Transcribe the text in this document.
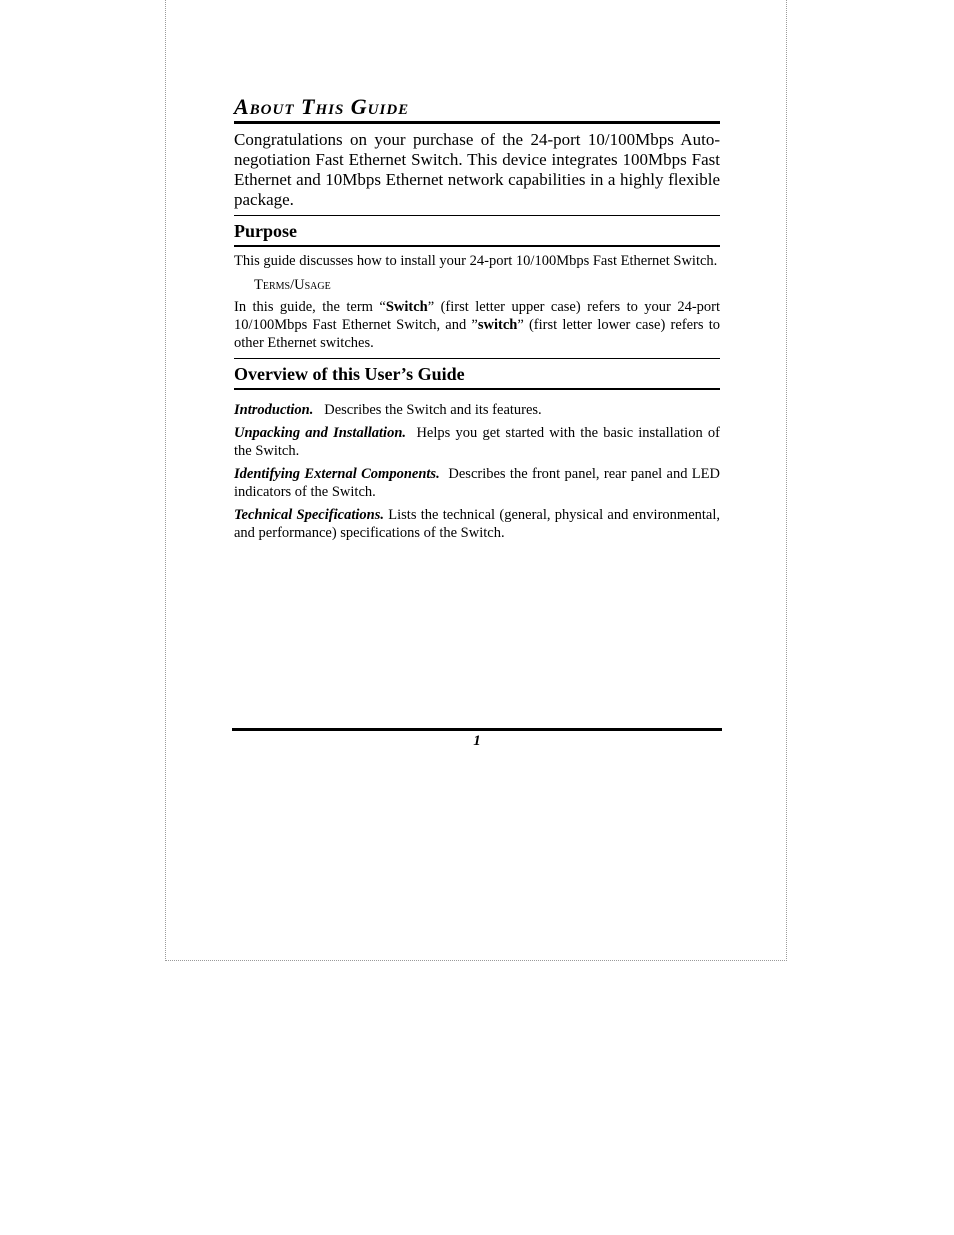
About This Guide

Congratulations on your purchase of the 24-port 10/100Mbps Auto-negotiation Fast Ethernet Switch. This device integrates 100Mbps Fast Ethernet and 10Mbps Ethernet network capabilities in a highly flexible package.

Purpose

This guide discusses how to install your 24-port 10/100Mbps Fast Ethernet Switch.

Terms/Usage

In this guide, the term “Switch” (first letter upper case) refers to your 24-port 10/100Mbps Fast Ethernet Switch, and ”switch” (first letter lower case) refers to other Ethernet switches.

Overview of this User’s Guide

Introduction.   Describes the Switch and its features.

Unpacking and Installation.  Helps you get started with the basic installation of the Switch.

Identifying External Components.  Describes the front panel, rear panel and LED indicators of the Switch.

Technical Specifications. Lists the technical (general, physical and environmental, and performance) specifications of the Switch.

1
